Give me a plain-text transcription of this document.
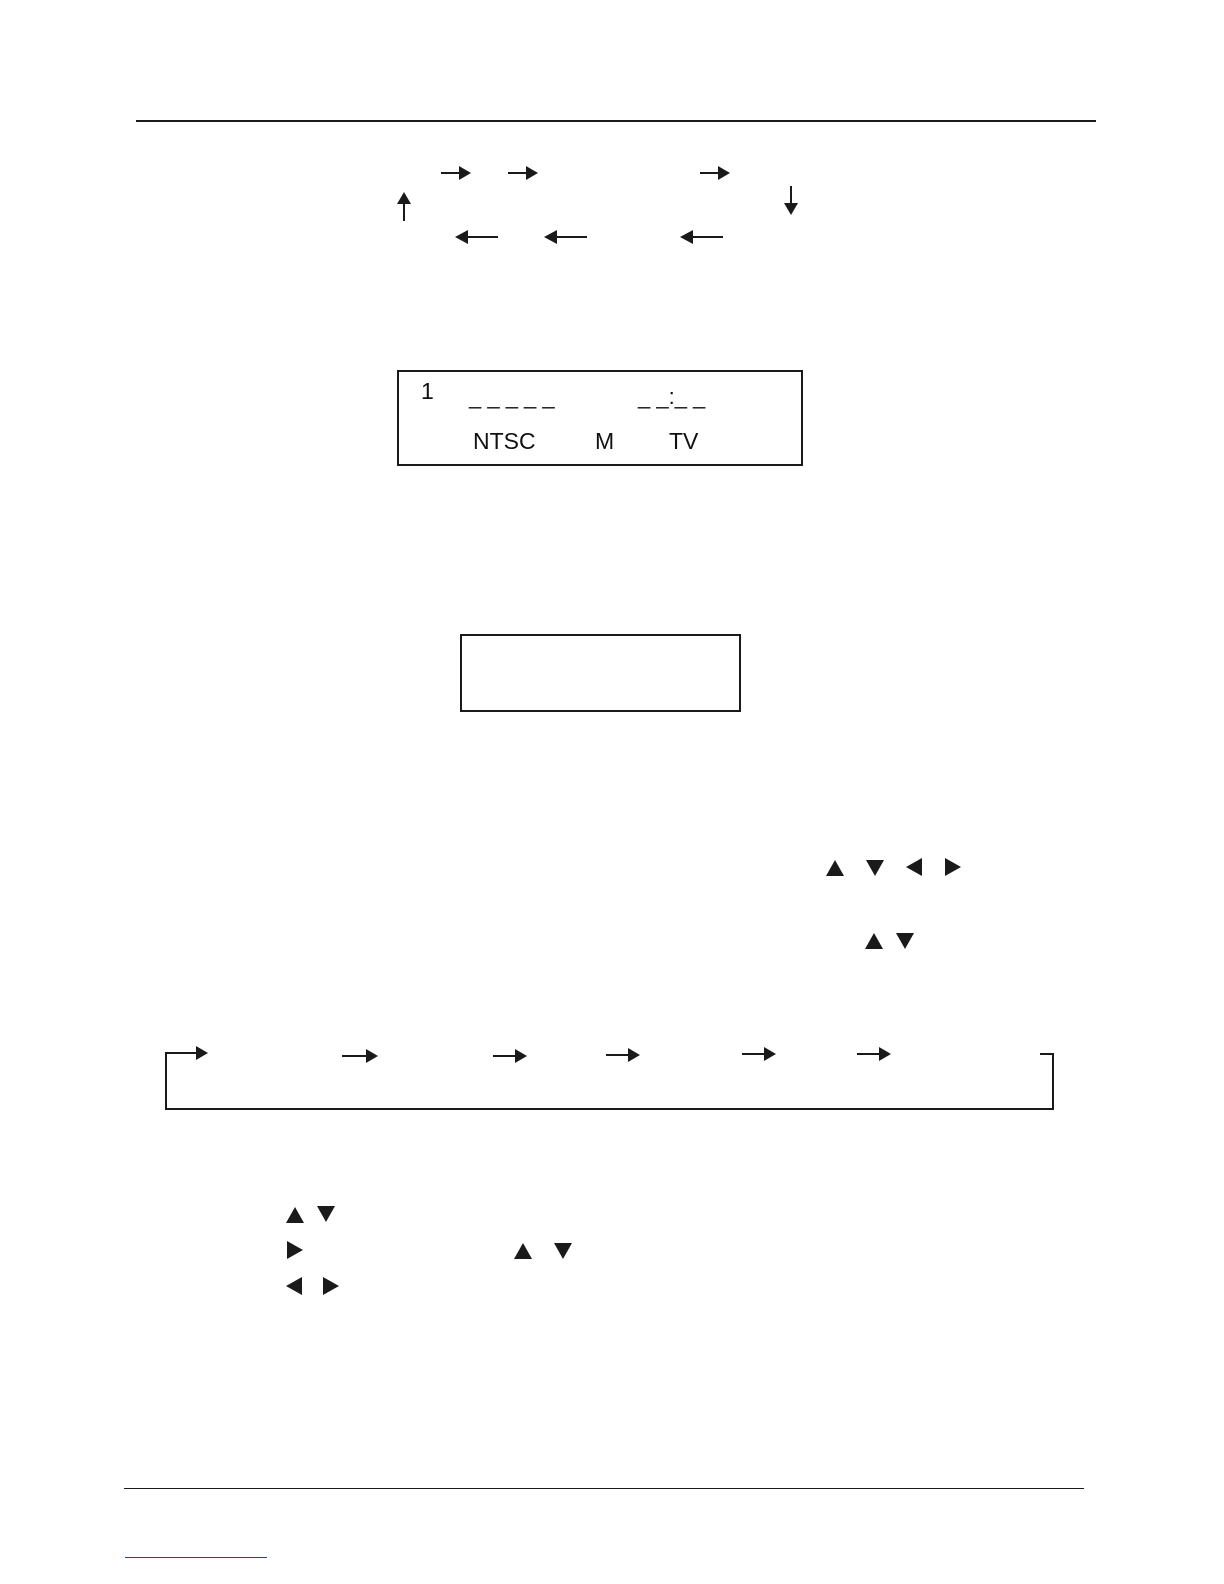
1 _ _ _ _ _	_ _:_ _
NTSC	M TV
